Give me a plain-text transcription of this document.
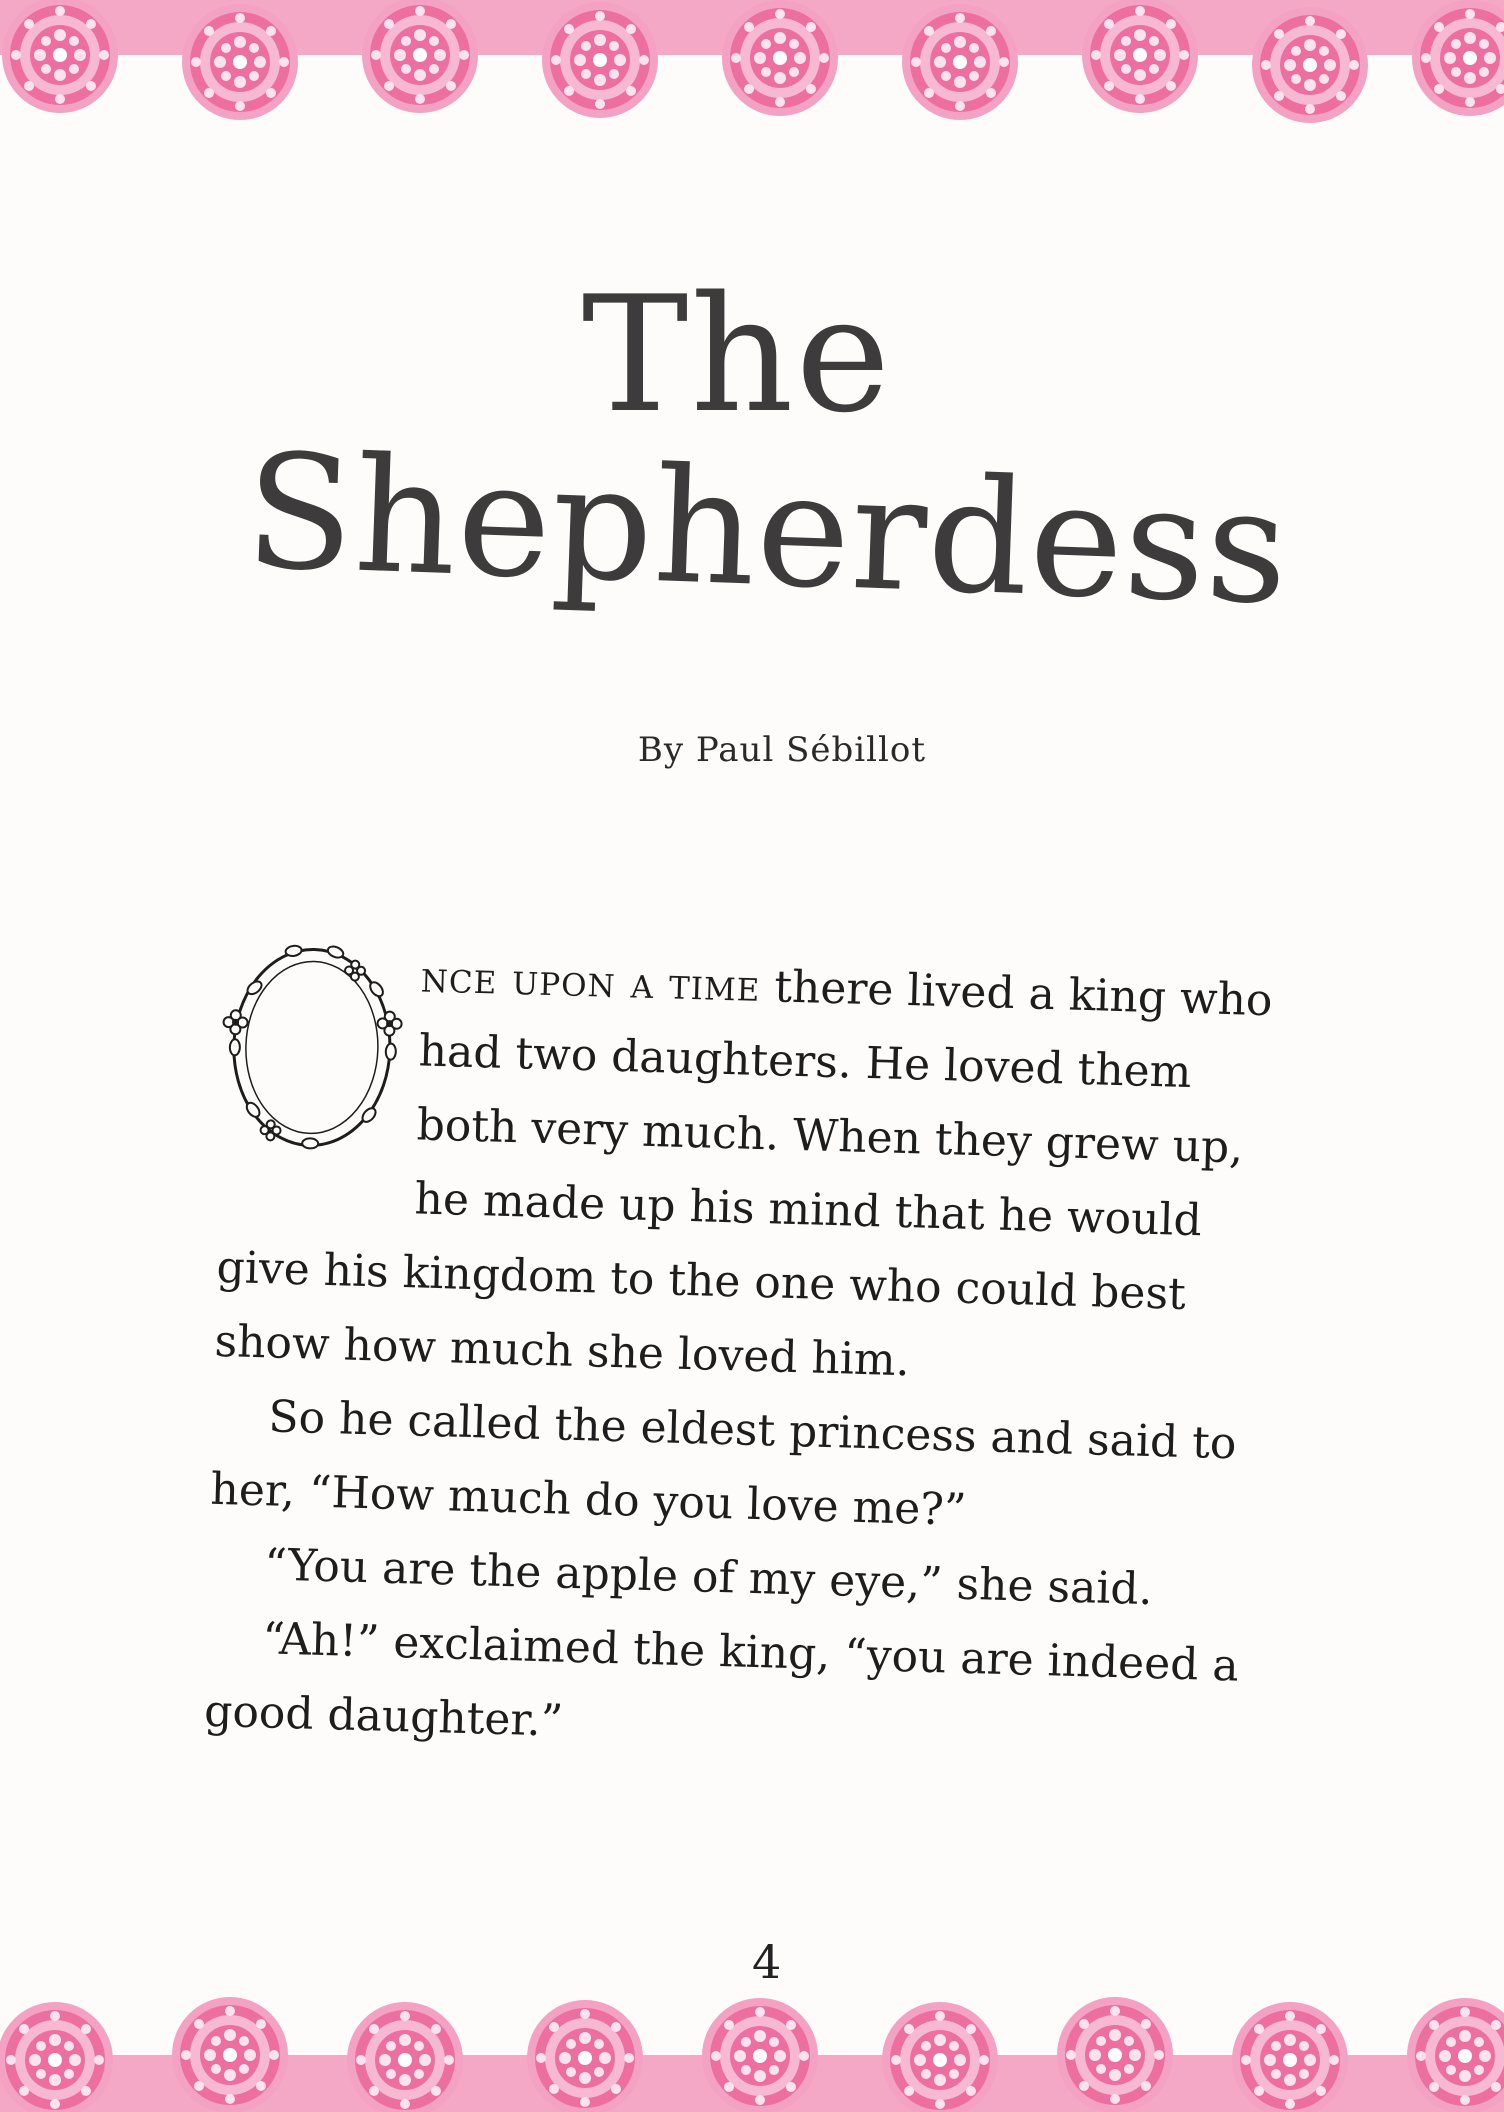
The
Shepherdess
By Paul Sébillot

nce upon a time there lived a king who had two daughters. He loved them both very much. When they grew up, he made up his mind that he would give his kingdom to the one who could best show how much she loved him.

So he called the eldest princess and said to her, “How much do you love me?”

“You are the apple of my eye,” she said.

“Ah!” exclaimed the king, “you are indeed a good daughter.”

4
